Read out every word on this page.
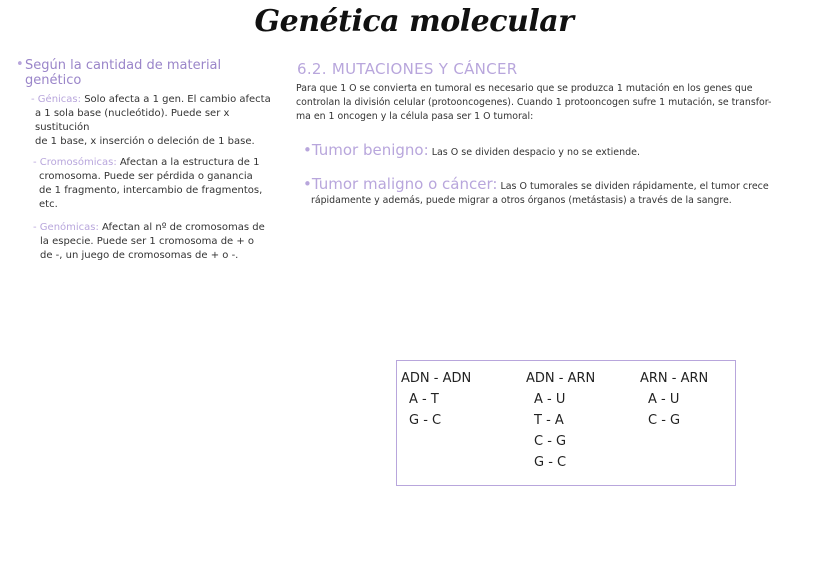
Genética molecular
• Según la cantidad de material
genético
- Génicas: Solo afecta a 1 gen. El cambio afecta
a 1 sola base (nucleótido). Puede ser x sustitución
de 1 base, x inserción o deleción de 1 base.
- Cromosómicas: Afectan a la estructura de 1
cromosoma. Puede ser pérdida o ganancia
de 1 fragmento, intercambio de fragmentos, etc.
- Genómicas: Afectan al nº de cromosomas de
la especie. Puede ser 1 cromosoma de + o
de -, un juego de cromosomas de + o -.
6.2. MUTACIONES Y CÁNCER
Para que 1 O se convierta en tumoral es necesario que se produzca 1 mutación en los genes que
controlan la división celular (protooncogenes). Cuando 1 protooncogen sufre 1 mutación, se transfor-
ma en 1 oncogen y la célula pasa ser 1 O tumoral:
•Tumor benigno: Las O se dividen despacio y no se extiende.
•Tumor maligno o cáncer: Las O tumorales se dividen rápidamente, el tumor crece
rápidamente y además, puede migrar a otros órganos (metástasis) a través de la sangre.
ADN - ADN
A - T
G - C
ADN - ARN
A - U
T - A
C - G
G - C
ARN - ARN
A - U
C - G
